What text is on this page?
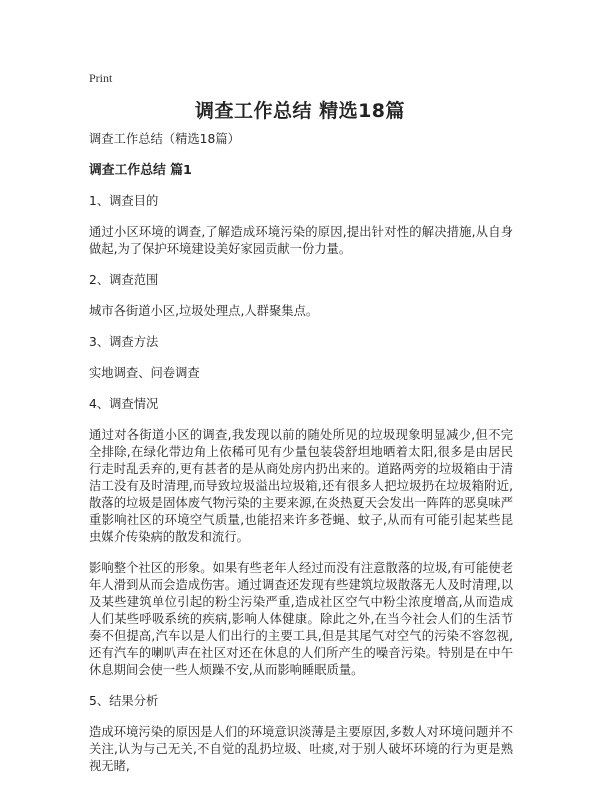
Print
调查工作总结 精选18篇

调查工作总结（精选18篇）

调查工作总结 篇1

1、调查目的

通过小区环境的调查,了解造成环境污染的原因,提出针对性的解决措施,从自身做起,为了保护环境建设美好家园贡献一份力量。

2、调查范围

城市各街道小区,垃圾处理点,人群聚集点。

3、调查方法

实地调查、问卷调查

4、调查情况

通过对各街道小区的调查,我发现以前的随处所见的垃圾现象明显减少,但不完全排除,在绿化带边角上依稀可见有少量包装袋舒坦地晒着太阳,很多是由居民行走时乱丢弃的,更有甚者的是从商处房内扔出来的。道路两旁的垃圾箱由于清洁工没有及时清理,而导致垃圾溢出垃圾箱,还有很多人把垃圾扔在垃圾箱附近,散落的垃圾是固体废气物污染的主要来源,在炎热夏天会发出一阵阵的恶臭味严重影响社区的环境空气质量,也能招来许多苍蝇、蚊子,从而有可能引起某些昆虫媒介传染病的散发和流行。

影响整个社区的形象。如果有些老年人经过而没有注意散落的垃圾,有可能使老年人滑到从而会造成伤害。通过调查还发现有些建筑垃圾散落无人及时清理,以及某些建筑单位引起的粉尘污染严重,造成社区空气中粉尘浓度增高,从而造成人们某些呼吸系统的疾病,影响人体健康。除此之外,在当今社会人们的生活节奏不但提高,汽车以是人们出行的主要工具,但是其尾气对空气的污染不容忽视,还有汽车的喇叭声在社区对还在休息的人们所产生的噪音污染。特别是在中午休息期间会使一些人烦躁不安,从而影响睡眠质量。

5、结果分析

造成环境污染的原因是人们的环境意识淡薄是主要原因,多数人对环境问题并不关注,认为与己无关,不自觉的乱扔垃圾、吐痰,对于别人破坏环境的行为更是熟视无睹,
